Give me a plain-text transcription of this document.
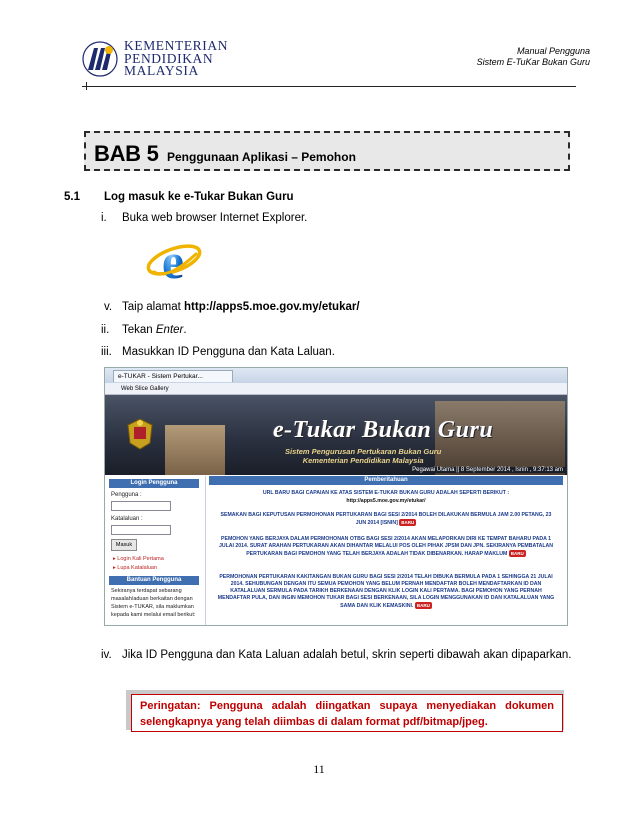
KEMENTERIAN
PENDIDIKAN
MALAYSIA
Manual Pengguna
Sistem E-TuKar Bukan Guru
BAB 5 Penggunaan Aplikasi – Pemohon
5.1 Log masuk ke e-Tukar Bukan Guru
i. Buka web browser Internet Explorer.
e
v. Taip alamat http://apps5.moe.gov.my/etukar/
ii. Tekan Enter.
iii. Masukkan ID Pengguna dan Kata Laluan.
e-TUKAR - Sistem Pertukar...
Web Slice Gallery
e-Tukar Bukan Guru
Sistem Pengurusan Pertukaran Bukan Guru
Kementerian Pendidikan Malaysia
Pegawai Utama || 8 September 2014 , Isnin , 9:37:13 am
Login Pengguna
Pengguna :
Katalaluan :
Masuk
▸ Login Kali Pertama
▸ Lupa Katalaluan
Bantuan Pengguna
Sekiranya terdapat sebarang masalah/aduan berkaitan dengan Sistem e-TUKAR, sila maklumkan kepada kami melalui email berikut:
Pemberitahuan
URL BARU BAGI CAPAIAN KE ATAS SISTEM E-TUKAR BUKAN GURU ADALAH SEPERTI BERIKUT :
http://apps5.moe.gov.my/etukar/
SEMAKAN BAGI KEPUTUSAN PERMOHONAN PERTUKARAN BAGI SESI 2/2014 BOLEH DILAKUKAN BERMULA JAM 2.00 PETANG, 23 JUN 2014 [ISNIN] BARU
PEMOHON YANG BERJAYA DALAM PERMOHONAN OTBG BAGI SESI 2/2014 AKAN MELAPORKAN DIRI KE TEMPAT BAHARU PADA 1 JULAI 2014. SURAT ARAHAN PERTUKARAN AKAN DIHANTAR MELALUI POS OLEH PIHAK JPSM DAN JPN. SEKIRANYA PEMBATALAN PERTUKARAN BAGI PEMOHON YANG TELAH BERJAYA ADALAH TIDAK DIBENARKAN. HARAP MAKLUM BARU
PERMOHONAN PERTUKARAN KAKITANGAN BUKAN GURU BAGI SESI 2/2014 TELAH DIBUKA BERMULA PADA 1 SEHINGGA 21 JULAI 2014. SEHUBUNGAN DENGAN ITU SEMUA PEMOHON YANG BELUM PERNAH MENDAFTAR BOLEH MENDAFTARKAN ID DAN KATALALUAN SERMULA PADA TARIKH BERKENAAN DENGAN KLIK LOGIN KALI PERTAMA. BAGI PEMOHON YANG PERNAH MENDAFTAR PULA, DAN INGIN MEMOHON TUKAR BAGI SESI BERKENAAN, SILA LOGIN MENGGUNAKAN ID DAN KATALALUAN YANG SAMA DAN KLIK KEMASKINI. BARU
iv. Jika ID Pengguna dan Kata Laluan adalah betul, skrin seperti dibawah akan dipaparkan.
Peringatan: Pengguna adalah diingatkan supaya menyediakan dokumen selengkapnya yang telah diimbas di dalam format pdf/bitmap/jpeg.
11
